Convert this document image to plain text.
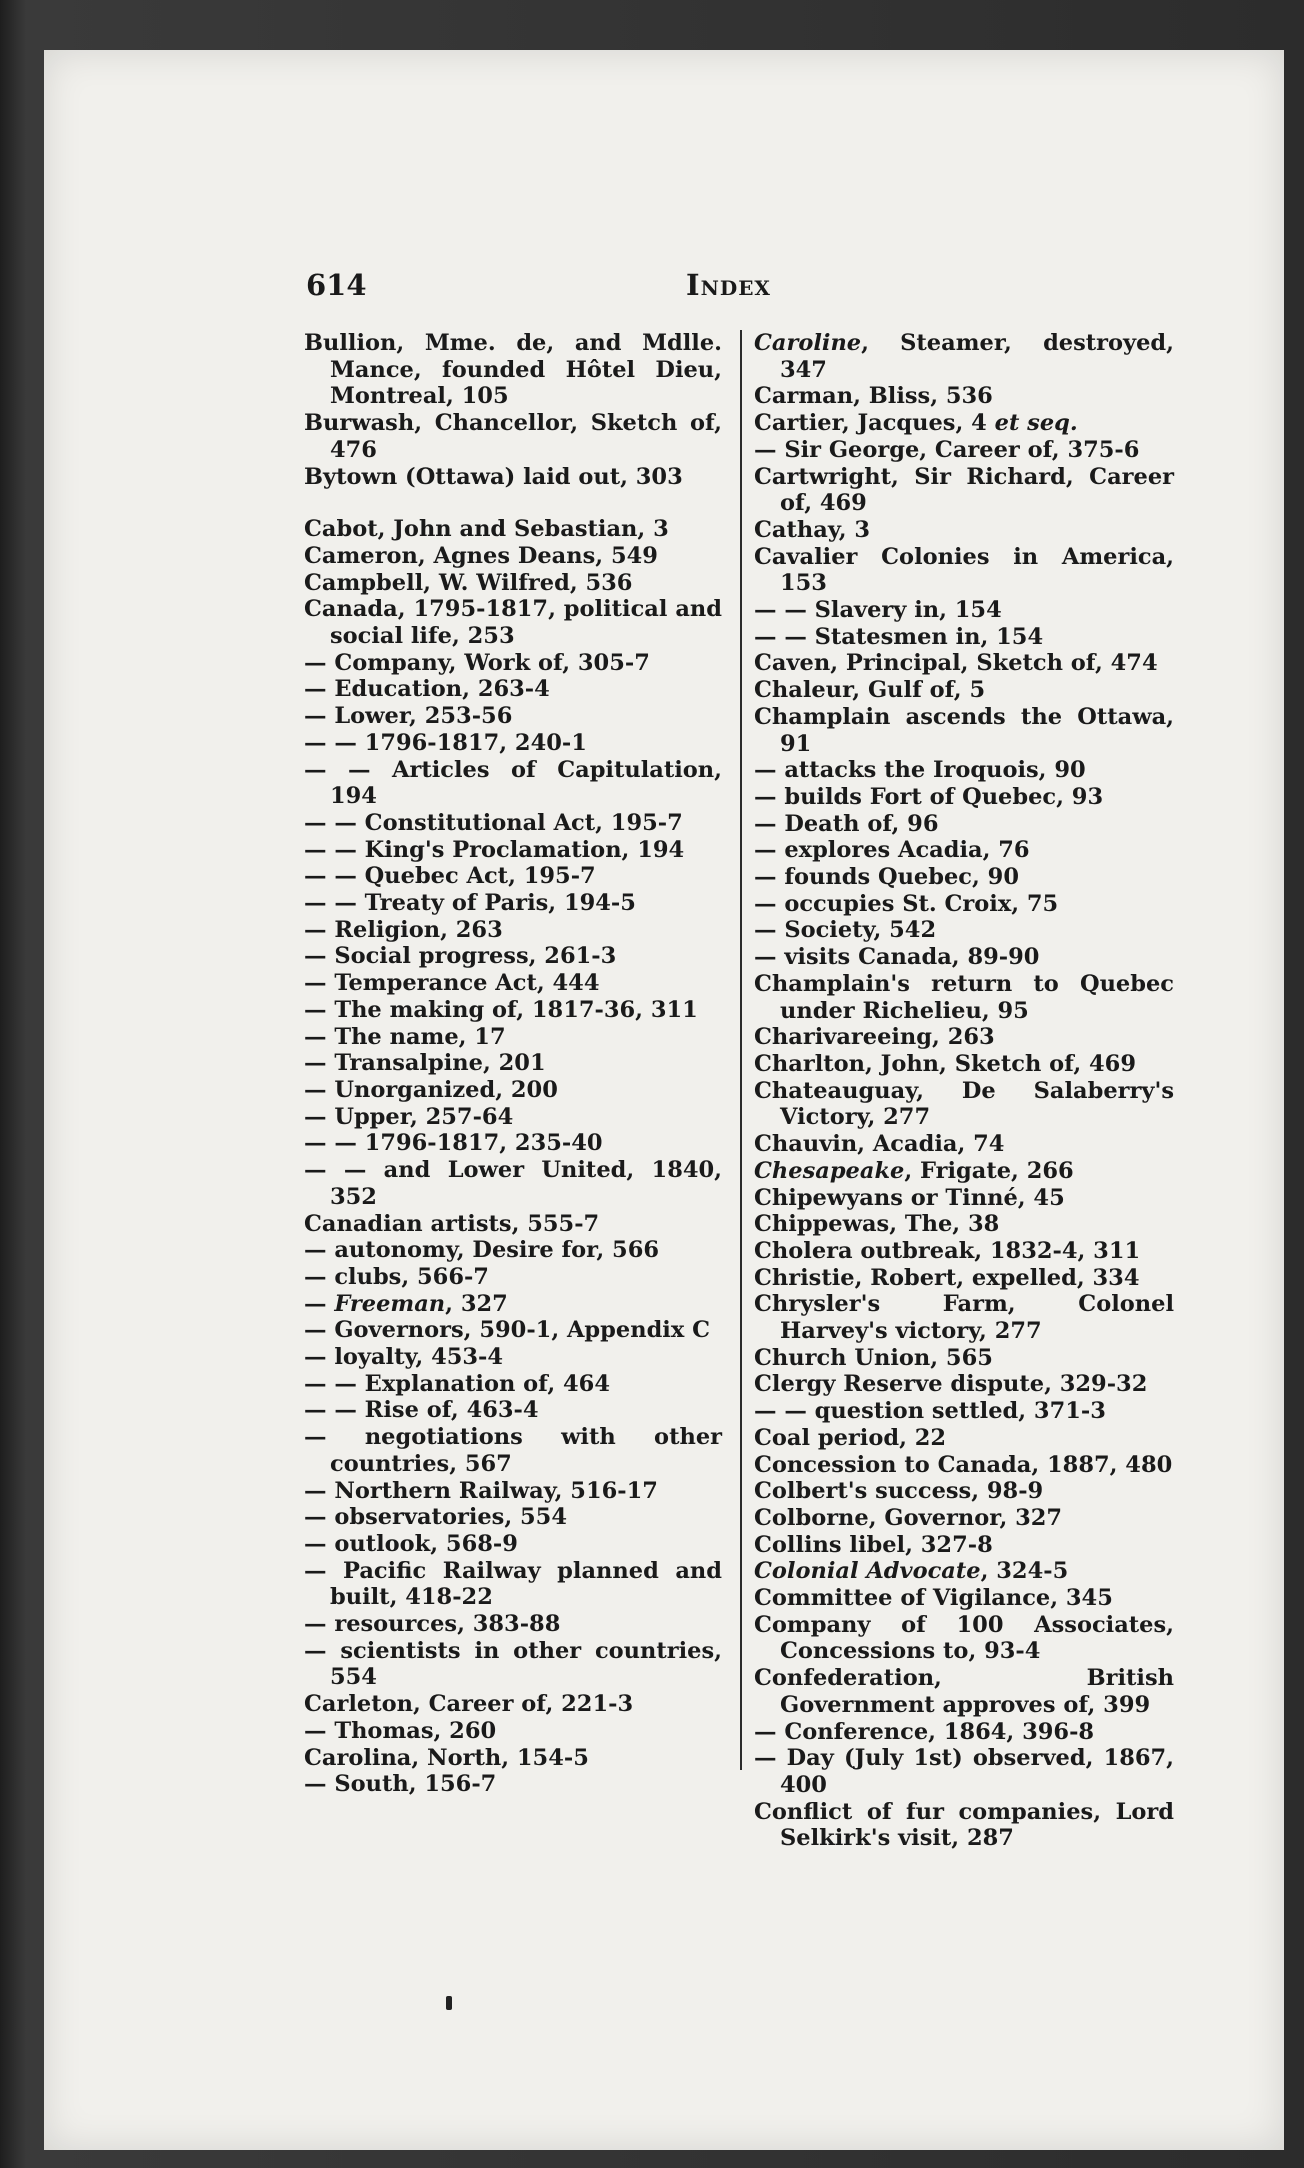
614	Index
Bullion, Mme. de, and Mdlle. Mance, founded Hôtel Dieu, Montreal, 105
Burwash, Chancellor, Sketch of, 476
Bytown (Ottawa) laid out, 303
Cabot, John and Sebastian, 3
Cameron, Agnes Deans, 549
Campbell, W. Wilfred, 536
Canada, 1795-1817, political and social life, 253
— Company, Work of, 305-7
— Education, 263-4
— Lower, 253-56
— — 1796-1817, 240-1
— — Articles of Capitulation, 194
— — Constitutional Act, 195-7
— — King's Proclamation, 194
— — Quebec Act, 195-7
— — Treaty of Paris, 194-5
— Religion, 263
— Social progress, 261-3
— Temperance Act, 444
— The making of, 1817-36, 311
— The name, 17
— Transalpine, 201
— Unorganized, 200
— Upper, 257-64
— — 1796-1817, 235-40
— — and Lower United, 1840, 352
Canadian artists, 555-7
— autonomy, Desire for, 566
— clubs, 566-7
— Freeman, 327
— Governors, 590-1, Appendix C
— loyalty, 453-4
— — Explanation of, 464
— — Rise of, 463-4
— negotiations with other countries, 567
— Northern Railway, 516-17
— observatories, 554
— outlook, 568-9
— Pacific Railway planned and built, 418-22
— resources, 383-88
— scientists in other countries, 554
Carleton, Career of, 221-3
— Thomas, 260
Carolina, North, 154-5
— South, 156-7
Caroline, Steamer, destroyed, 347
Carman, Bliss, 536
Cartier, Jacques, 4 et seq.
— Sir George, Career of, 375-6
Cartwright, Sir Richard, Career of, 469
Cathay, 3
Cavalier Colonies in America, 153
— — Slavery in, 154
— — Statesmen in, 154
Caven, Principal, Sketch of, 474
Chaleur, Gulf of, 5
Champlain ascends the Ottawa, 91
— attacks the Iroquois, 90
— builds Fort of Quebec, 93
— Death of, 96
— explores Acadia, 76
— founds Quebec, 90
— occupies St. Croix, 75
— Society, 542
— visits Canada, 89-90
Champlain's return to Quebec under Richelieu, 95
Charivareeing, 263
Charlton, John, Sketch of, 469
Chateauguay, De Salaberry's Victory, 277
Chauvin, Acadia, 74
Chesapeake, Frigate, 266
Chipewyans or Tinné, 45
Chippewas, The, 38
Cholera outbreak, 1832-4, 311
Christie, Robert, expelled, 334
Chrysler's Farm, Colonel Harvey's victory, 277
Church Union, 565
Clergy Reserve dispute, 329-32
— — question settled, 371-3
Coal period, 22
Concession to Canada, 1887, 480
Colbert's success, 98-9
Colborne, Governor, 327
Collins libel, 327-8
Colonial Advocate, 324-5
Committee of Vigilance, 345
Company of 100 Associates, Concessions to, 93-4
Confederation, British Government approves of, 399
— Conference, 1864, 396-8
— Day (July 1st) observed, 1867, 400
Conflict of fur companies, Lord Selkirk's visit, 287
